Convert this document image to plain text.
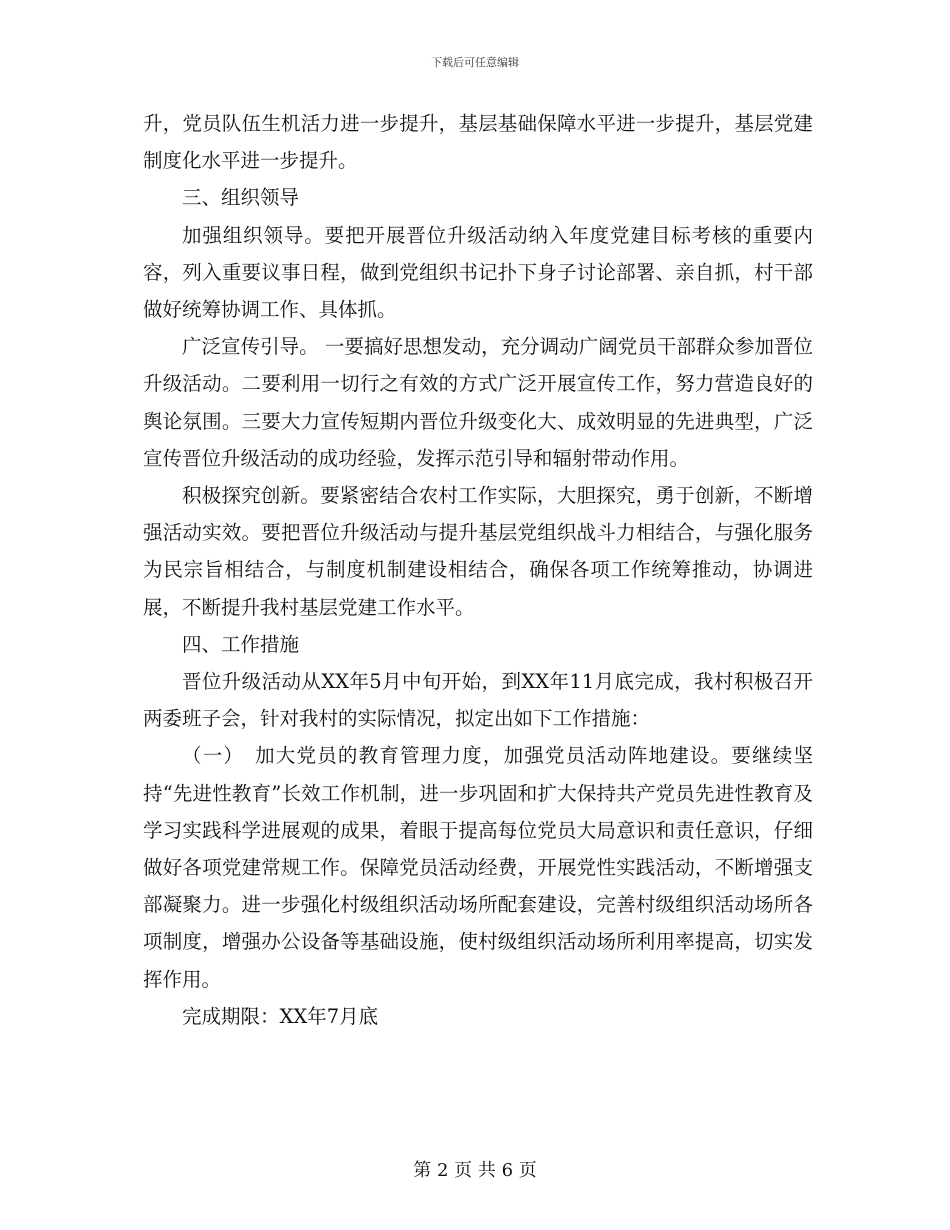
下载后可任意编辑

升，党员队伍生机活力进一步提升，基层基础保障水平进一步提升，基层党建制度化水平进一步提升。

三、组织领导

加强组织领导。要把开展晋位升级活动纳入年度党建目标考核的重要内容，列入重要议事日程，做到党组织书记扑下身子讨论部署、亲自抓，村干部做好统筹协调工作、具体抓。

广泛宣传引导。 一要搞好思想发动，充分调动广阔党员干部群众参加晋位升级活动。二要利用一切行之有效的方式广泛开展宣传工作，努力营造良好的舆论氛围。三要大力宣传短期内晋位升级变化大、成效明显的先进典型，广泛宣传晋位升级活动的成功经验，发挥示范引导和辐射带动作用。

积极探究创新。要紧密结合农村工作实际，大胆探究，勇于创新，不断增强活动实效。要把晋位升级活动与提升基层党组织战斗力相结合，与强化服务为民宗旨相结合，与制度机制建设相结合，确保各项工作统筹推动，协调进展，不断提升我村基层党建工作水平。

四、工作措施

晋位升级活动从XX年5月中旬开始，到XX年11月底完成，我村积极召开两委班子会，针对我村的实际情况，拟定出如下工作措施：

（一）　加大党员的教育管理力度，加强党员活动阵地建设。要继续坚持“先进性教育”长效工作机制，进一步巩固和扩大保持共产党员先进性教育及学习实践科学进展观的成果，着眼于提高每位党员大局意识和责任意识，仔细做好各项党建常规工作。保障党员活动经费，开展党性实践活动，不断增强支部凝聚力。进一步强化村级组织活动场所配套建设，完善村级组织活动场所各项制度，增强办公设备等基础设施，使村级组织活动场所利用率提高，切实发挥作用。

完成期限：XX年7月底

第 2 页 共 6 页
